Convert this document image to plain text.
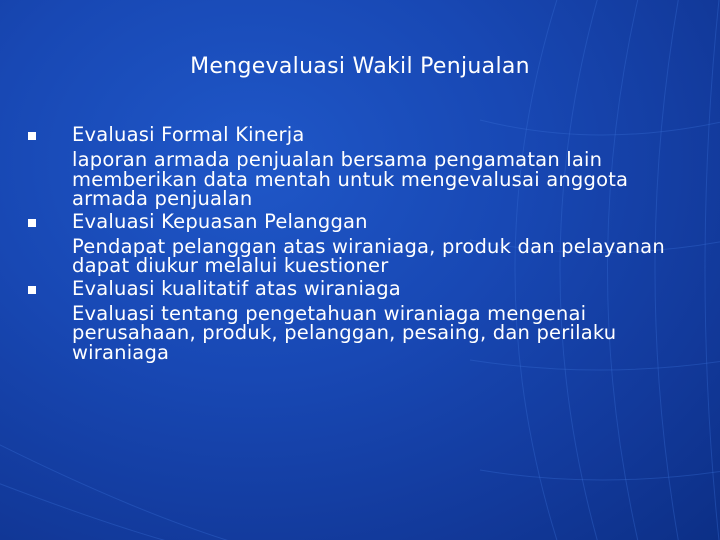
Mengevaluasi Wakil Penjualan
Evaluasi Formal Kinerja
laporan armada penjualan bersama pengamatan lain memberikan data mentah untuk mengevalusai anggota armada penjualan
Evaluasi Kepuasan Pelanggan
Pendapat pelanggan atas wiraniaga, produk dan pelayanan dapat diukur melalui kuestioner
Evaluasi kualitatif atas wiraniaga
Evaluasi tentang pengetahuan wiraniaga mengenai perusahaan, produk, pelanggan, pesaing, dan perilaku wiraniaga
